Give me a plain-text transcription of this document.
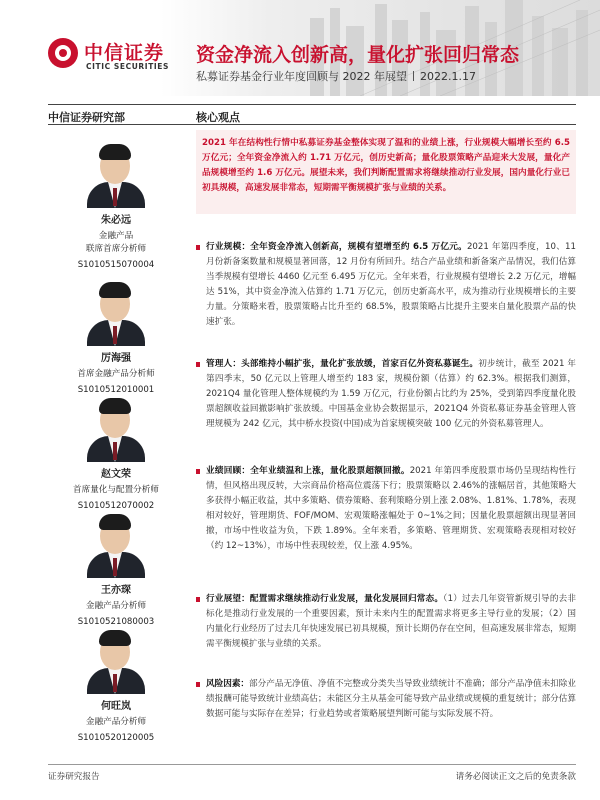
中信证券
CITIC SECURITIES
资金净流入创新高，量化扩张回归常态
私募证券基金行业年度回顾与 2022 年展望 2022.1.17
中信证券研究部	核心观点
2021 年在结构性行情中私募证券基金整体实现了温和的业绩上涨，行业规模大幅增长至约 6.5 万亿元；全年资金净流入约 1.71 万亿元，创历史新高；量化股票策略产品迎来大发展，量化产品规模增至约 1.6 万亿元。展望未来，我们判断配置需求将继续推动行业发展，国内量化行业已初具规模，高速发展非常态，短期需平衡规模扩张与业绩的关系。
朱必远
金融产品
联席首席分析师
S1010515070004
厉海强
首席金融产品分析师
S1010512010001
赵文荣
首席量化与配置分析师
S1010512070002
王亦琛
金融产品分析师
S1010521080003
何旺岚
金融产品分析师
S1010520120005
行业规模：全年资金净流入创新高，规模有望增至约 6.5 万亿元。2021 年第四季度，10、11 月份新备案数量和规模显著回落，12 月份有所回升。结合产品业绩和新备案产品情况，我们估算当季规模有望增长 4460 亿元至 6.495 万亿元。全年来看，行业规模有望增长 2.2 万亿元，增幅达 51%，其中资金净流入估算约 1.71 万亿元，创历史新高水平，成为推动行业规模增长的主要力量。分策略来看，股票策略占比升至约 68.5%，股票策略占比提升主要来自量化股票产品的快速扩张。
管理人：头部维持小幅扩张，量化扩张放缓，首家百亿外资私募诞生。初步统计，截至 2021 年第四季末，50 亿元以上管理人增至约 183 家，规模份额（估算）约 62.3%。根据我们测算，2021Q4 量化管理人整体规模约为 1.59 万亿元，行业份额占比约为 25%，受到第四季度量化股票超额收益回撤影响扩张放缓。中国基金业协会数据显示，2021Q4 外资私募证券基金管理人管理规模为 242 亿元，其中桥水投资(中国)成为首家规模突破 100 亿元的外资私募管理人。
业绩回顾：全年业绩温和上涨，量化股票超额回撤。2021 年第四季度股票市场仍呈现结构性行情，但风格出现反转，大宗商品价格高位震荡下行；股票策略以 2.46%的涨幅居首，其他策略大多获得小幅正收益，其中多策略、债券策略、套利策略分别上涨 2.08%、1.81%、1.78%，表现相对较好，管理期货、FOF/MOM、宏观策略涨幅处于 0~1%之间；因量化股票超额出现显著回撤，市场中性收益为负，下跌 1.89%。全年来看，多策略、管理期货、宏观策略表现相对较好（约 12~13%），市场中性表现较差，仅上涨 4.95%。
行业展望：配置需求继续推动行业发展，量化发展回归常态。（1）过去几年资管新规引导的去非标化是推动行业发展的一个重要因素，预计未来内生的配置需求将更多主导行业的发展；（2）国内量化行业经历了过去几年快速发展已初具规模，预计长期仍存在空间，但高速发展非常态，短期需平衡规模扩张与业绩的关系。
风险因素：部分产品无净值、净值不完整或分类失当导致业绩统计不准确；部分产品净值未扣除业绩报酬可能导致统计业绩高估；未能区分主从基金可能导致产品业绩或规模的重复统计；部分估算数据可能与实际存在差异；行业趋势或者策略展望判断可能与实际发展不符。
证券研究报告	请务必阅读正文之后的免责条款
